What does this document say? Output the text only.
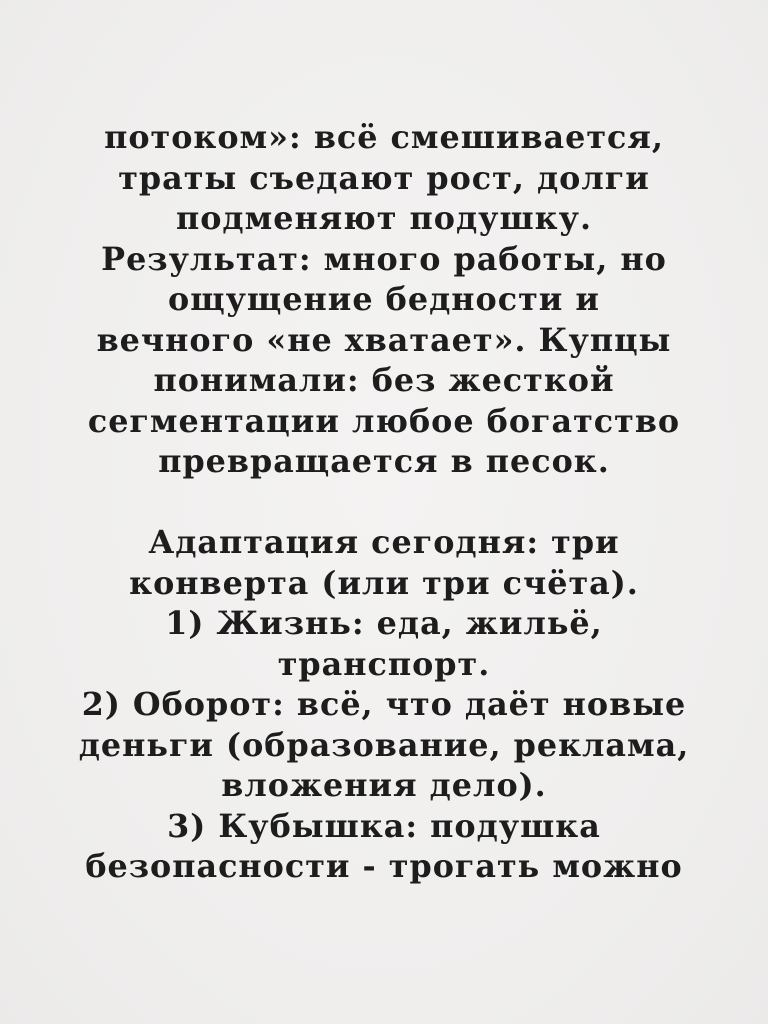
потоком»: всё смешивается,
траты съедают рост, долги
подменяют подушку.
Результат: много работы, но
ощущение бедности и
вечного «не хватает». Купцы
понимали: без жесткой
сегментации любое богатство
превращается в песок.
Адаптация сегодня: три
конверта (или три счёта).
1) Жизнь: еда, жильё,
транспорт.
2) Оборот: всё, что даёт новые
деньги (образование, реклама,
вложения дело).
3) Кубышка: подушка
безопасности - трогать можно
